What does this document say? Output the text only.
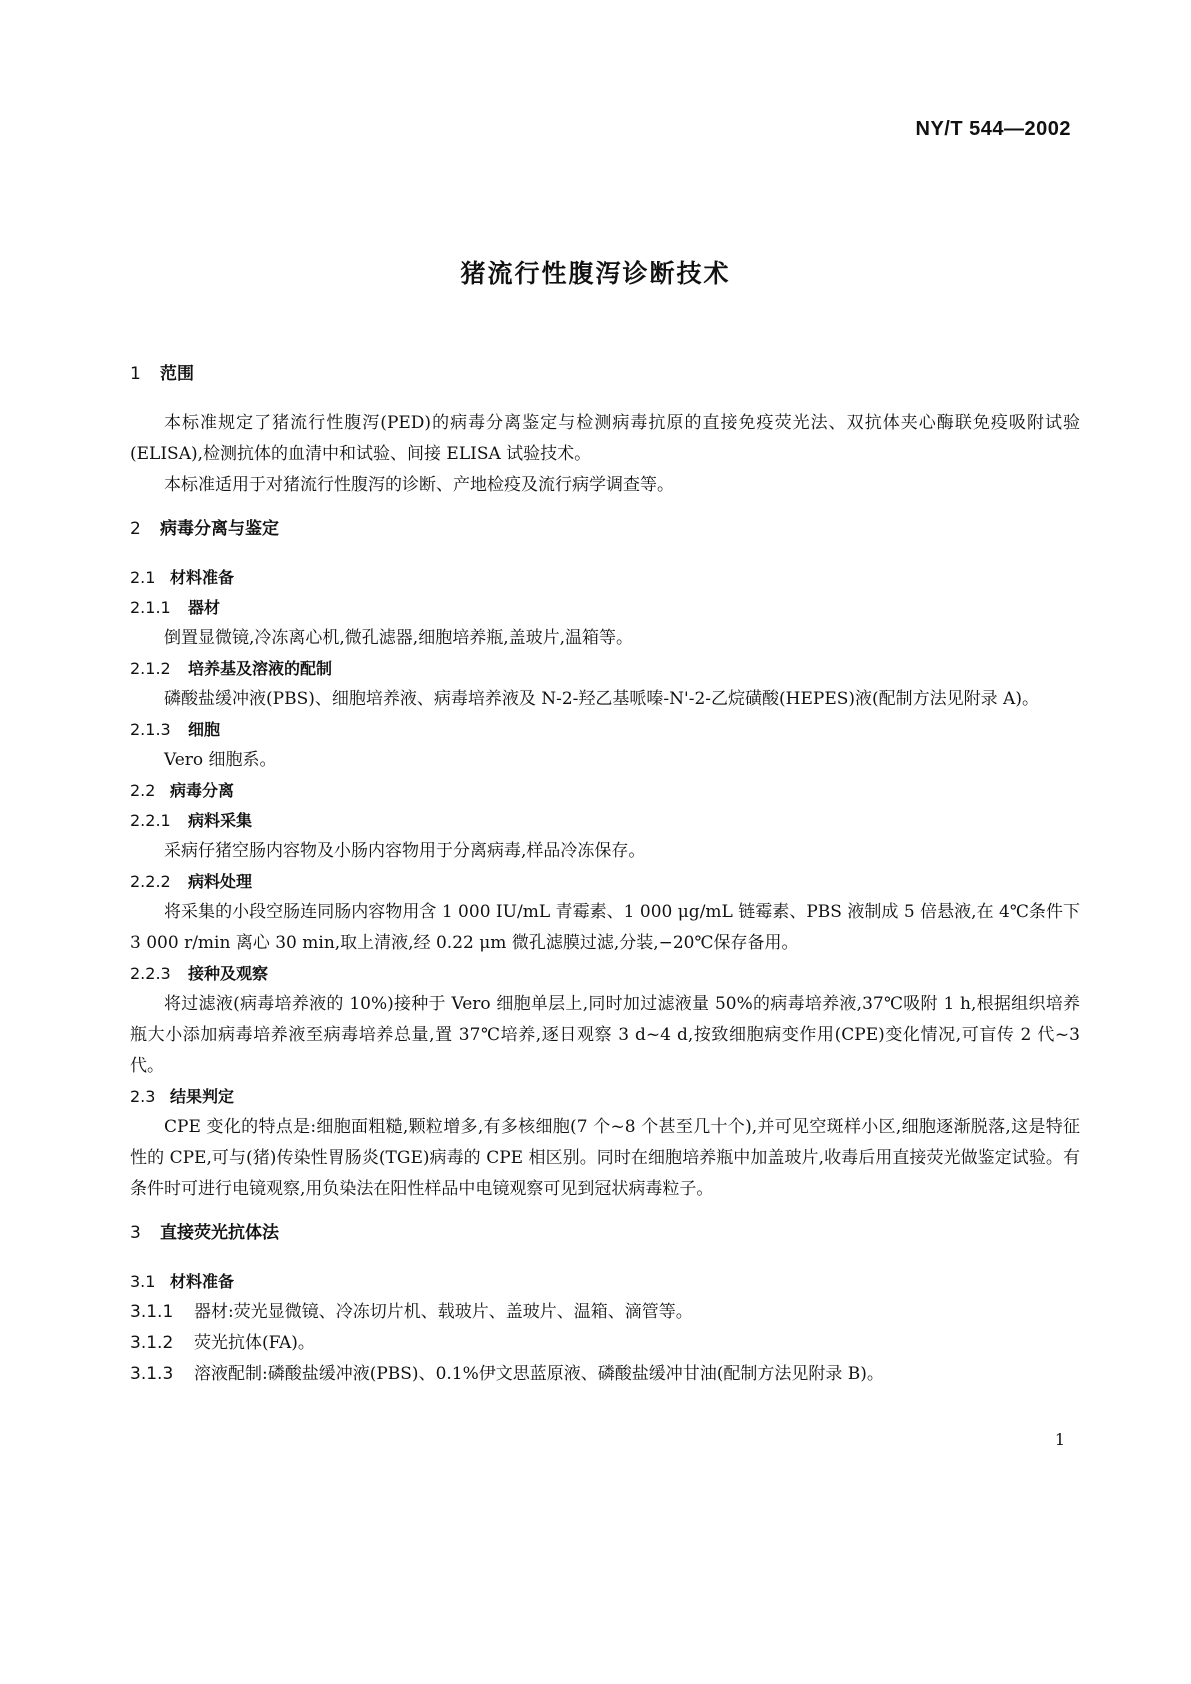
NY/T 544—2002
猪流行性腹泻诊断技术
1 范围

本标准规定了猪流行性腹泻(PED)的病毒分离鉴定与检测病毒抗原的直接免疫荧光法、双抗体夹心酶联免疫吸附试验(ELISA),检测抗体的血清中和试验、间接 ELISA 试验技术。

本标准适用于对猪流行性腹泻的诊断、产地检疫及流行病学调查等。

2 病毒分离与鉴定
2.1 材料准备
2.1.1 器材

倒置显微镜,冷冻离心机,微孔滤器,细胞培养瓶,盖玻片,温箱等。

2.1.2 培养基及溶液的配制

磷酸盐缓冲液(PBS)、细胞培养液、病毒培养液及 N-2-羟乙基哌嗪-N'-2-乙烷磺酸(HEPES)液(配制方法见附录 A)。

2.1.3 细胞

Vero 细胞系。

2.2 病毒分离
2.2.1 病料采集

采病仔猪空肠内容物及小肠内容物用于分离病毒,样品冷冻保存。

2.2.2 病料处理

将采集的小段空肠连同肠内容物用含 1 000 IU/mL 青霉素、1 000 μg/mL 链霉素、PBS 液制成 5 倍悬液,在 4℃条件下 3 000 r/min 离心 30 min,取上清液,经 0.22 μm 微孔滤膜过滤,分装,−20℃保存备用。

2.2.3 接种及观察

将过滤液(病毒培养液的 10%)接种于 Vero 细胞单层上,同时加过滤液量 50%的病毒培养液,37℃吸附 1 h,根据组织培养瓶大小添加病毒培养液至病毒培养总量,置 37℃培养,逐日观察 3 d~4 d,按致细胞病变作用(CPE)变化情况,可盲传 2 代~3 代。

2.3 结果判定

CPE 变化的特点是:细胞面粗糙,颗粒增多,有多核细胞(7 个~8 个甚至几十个),并可见空斑样小区,细胞逐渐脱落,这是特征性的 CPE,可与(猪)传染性胃肠炎(TGE)病毒的 CPE 相区别。同时在细胞培养瓶中加盖玻片,收毒后用直接荧光做鉴定试验。有条件时可进行电镜观察,用负染法在阳性样品中电镜观察可见到冠状病毒粒子。

3 直接荧光抗体法
3.1 材料准备

3.1.1 器材:荧光显微镜、冷冻切片机、载玻片、盖玻片、温箱、滴管等。

3.1.2 荧光抗体(FA)。

3.1.3 溶液配制:磷酸盐缓冲液(PBS)、0.1%伊文思蓝原液、磷酸盐缓冲甘油(配制方法见附录 B)。

1
